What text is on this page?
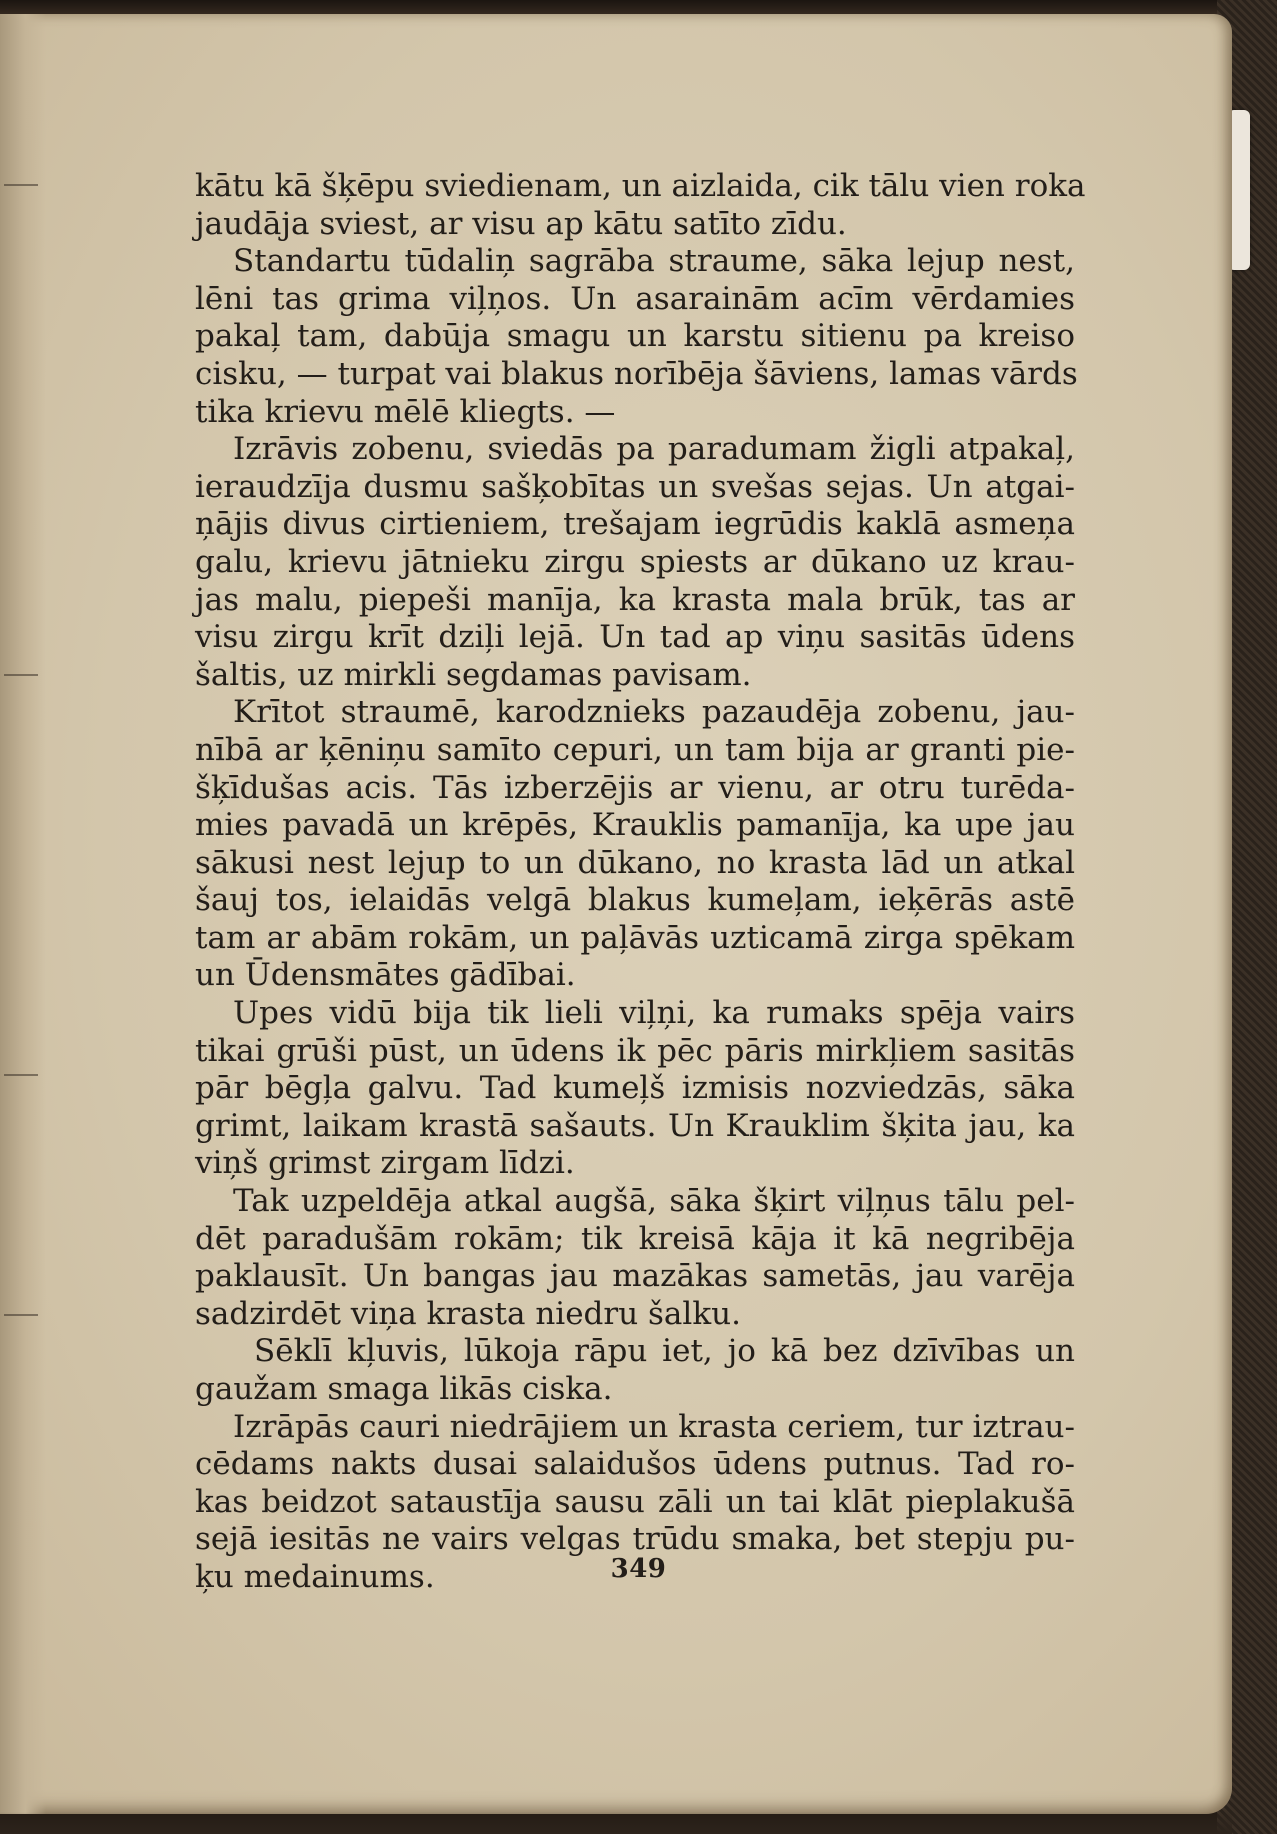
kātu kā šķēpu sviedienam, un aizlaida, cik tālu vien roka
jaudāja sviest, ar visu ap kātu satīto zīdu.
Standartu tūdaliņ sagrāba straume, sāka lejup nest,
lēni tas grima viļņos. Un asarainām acīm vērdamies
pakaļ tam, dabūja smagu un karstu sitienu pa kreiso
cisku, — turpat vai blakus norībēja šāviens, lamas vārds
tika krievu mēlē kliegts. —
Izrāvis zobenu, sviedās pa paradumam žigli atpakaļ,
ieraudzīja dusmu sašķobītas un svešas sejas. Un atgai-
ņājis divus cirtieniem, trešajam iegrūdis kaklā asmeņa
galu, krievu jātnieku zirgu spiests ar dūkano uz krau-
jas malu, piepeši manīja, ka krasta mala brūk, tas ar
visu zirgu krīt dziļi lejā. Un tad ap viņu sasitās ūdens
šaltis, uz mirkli segdamas pavisam.
Krītot straumē, karodznieks pazaudēja zobenu, jau-
nībā ar ķēniņu samīto cepuri, un tam bija ar granti pie-
šķīdušas acis. Tās izberzējis ar vienu, ar otru turēda-
mies pavadā un krēpēs, Krauklis pamanīja, ka upe jau
sākusi nest lejup to un dūkano, no krasta lād un atkal
šauj tos, ielaidās velgā blakus kumeļam, ieķērās astē
tam ar abām rokām, un paļāvās uzticamā zirga spēkam
un Ūdensmātes gādībai.
Upes vidū bija tik lieli viļņi, ka rumaks spēja vairs
tikai grūši pūst, un ūdens ik pēc pāris mirkļiem sasitās
pār bēgļa galvu. Tad kumeļš izmisis nozviedzās, sāka
grimt, laikam krastā sašauts. Un Krauklim šķita jau, ka
viņš grimst zirgam līdzi.
Tak uzpeldēja atkal augšā, sāka šķirt viļņus tālu pel-
dēt paradušām rokām; tik kreisā kāja it kā negribēja
paklausīt. Un bangas jau mazākas sametās, jau varēja
sadzirdēt viņa krasta niedru šalku.
Sēklī kļuvis, lūkoja rāpu iet, jo kā bez dzīvības un
gaužam smaga likās ciska.
Izrāpās cauri niedrājiem un krasta ceriem, tur iztrau-
cēdams nakts dusai salaidušos ūdens putnus. Tad ro-
kas beidzot sataustīja sausu zāli un tai klāt pieplakušā
sejā iesitās ne vairs velgas trūdu smaka, bet stepju pu-
ķu medainums.	349
